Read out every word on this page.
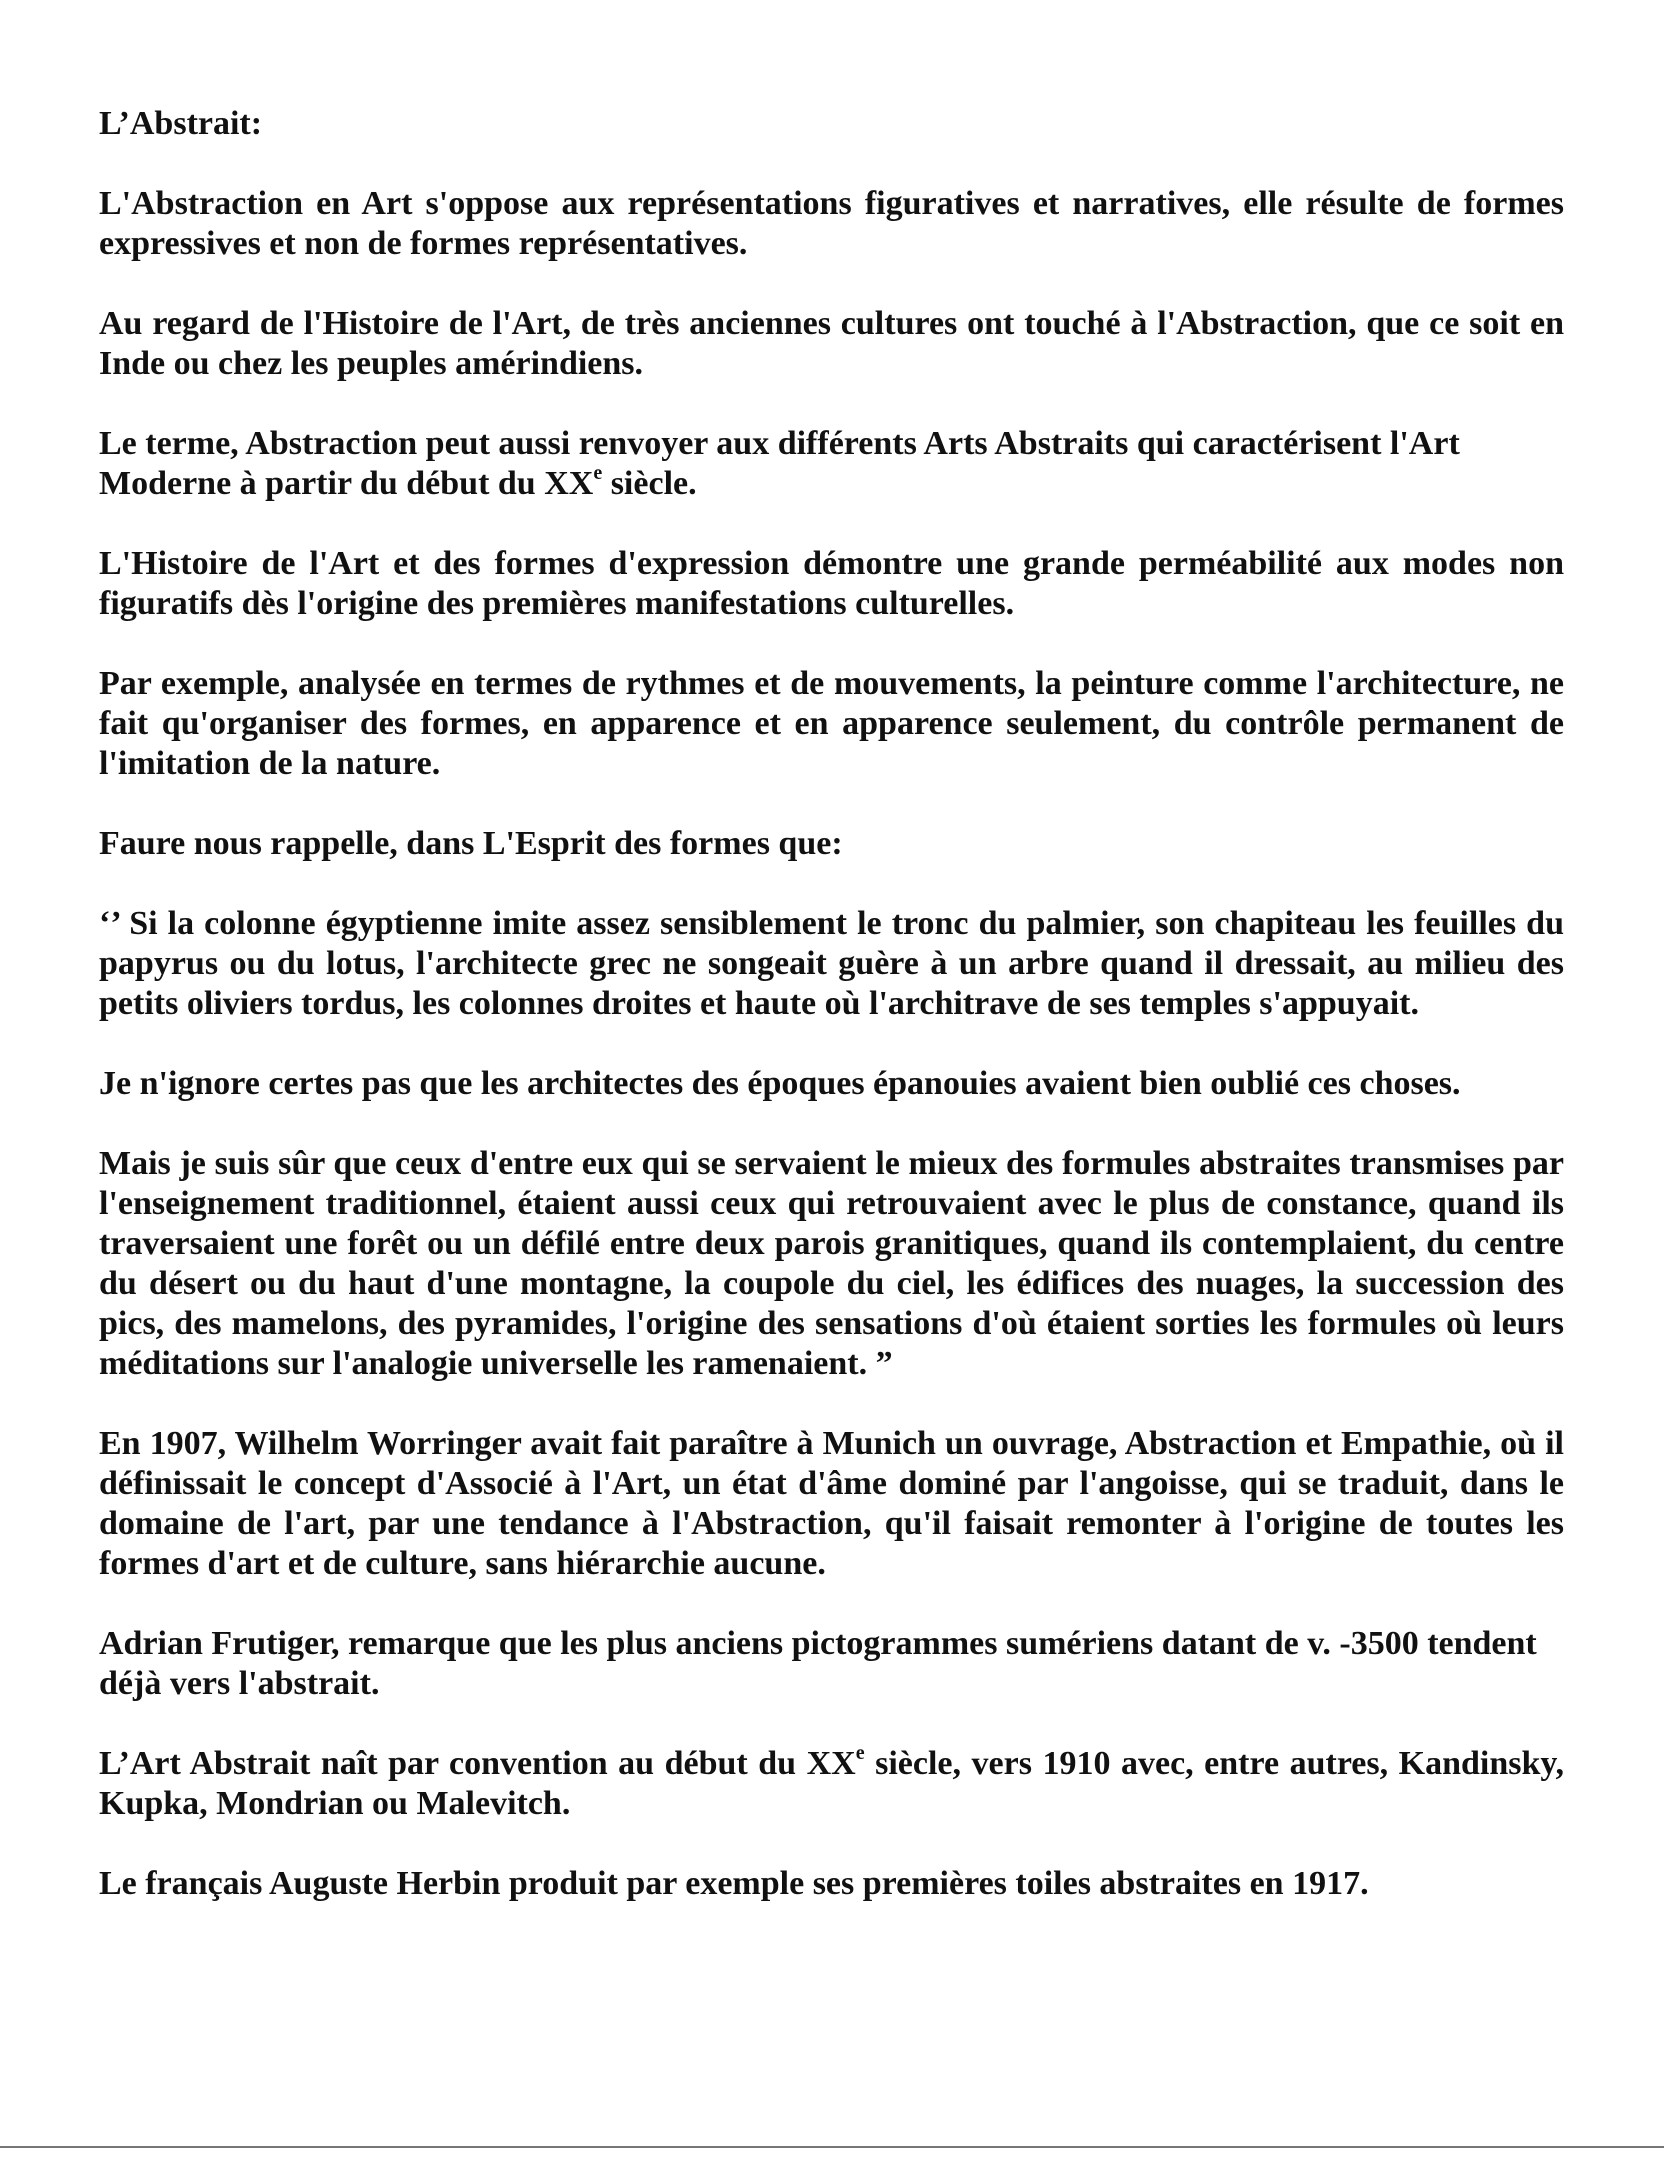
L’Abstrait:

L'Abstraction en Art s'oppose aux représentations figuratives et narratives, elle résulte de formes expressives et non de formes représentatives.

Au regard de l'Histoire de l'Art, de très anciennes cultures ont touché à l'Abstraction, que ce soit en Inde ou chez les peuples amérindiens.

Le terme, Abstraction peut aussi renvoyer aux différents Arts Abstraits qui caractérisent l'Art Moderne à partir du début du XXe siècle.

L'Histoire de l'Art et des formes d'expression démontre une grande perméabilité aux modes non figuratifs dès l'origine des premières manifestations culturelles.

Par exemple, analysée en termes de rythmes et de mouvements, la peinture comme l'architecture, ne fait qu'organiser des formes, en apparence et en apparence seulement, du contrôle permanent de l'imitation de la nature.

Faure nous rappelle, dans L'Esprit des formes que:

‘’ Si la colonne égyptienne imite assez sensiblement le tronc du palmier, son chapiteau les feuilles du papyrus ou du lotus, l'architecte grec ne songeait guère à un arbre quand il dressait, au milieu des petits oliviers tordus, les colonnes droites et haute où l'architrave de ses temples s'appuyait.

Je n'ignore certes pas que les architectes des époques épanouies avaient bien oublié ces choses.

Mais je suis sûr que ceux d'entre eux qui se servaient le mieux des formules abstraites transmises par l'enseignement traditionnel, étaient aussi ceux qui retrouvaient avec le plus de constance, quand ils traversaient une forêt ou un défilé entre deux parois granitiques, quand ils contemplaient, du centre du désert ou du haut d'une montagne, la coupole du ciel, les édifices des nuages, la succession des pics, des mamelons, des pyramides, l'origine des sensations d'où étaient sorties les formules où leurs méditations sur l'analogie universelle les ramenaient. ”

En 1907, Wilhelm Worringer avait fait paraître à Munich un ouvrage, Abstraction et Empathie, où il définissait le concept d'Associé à l'Art, un état d'âme dominé par l'angoisse, qui se traduit, dans le domaine de l'art, par une tendance à l'Abstraction, qu'il faisait remonter à l'origine de toutes les formes d'art et de culture, sans hiérarchie aucune.

Adrian Frutiger, remarque que les plus anciens pictogrammes sumériens datant de v. -3500 tendent déjà vers l'abstrait.

L’Art Abstrait naît par convention au début du XXe siècle, vers 1910 avec, entre autres, Kandinsky, Kupka, Mondrian ou Malevitch.

Le français Auguste Herbin produit par exemple ses premières toiles abstraites en 1917.
